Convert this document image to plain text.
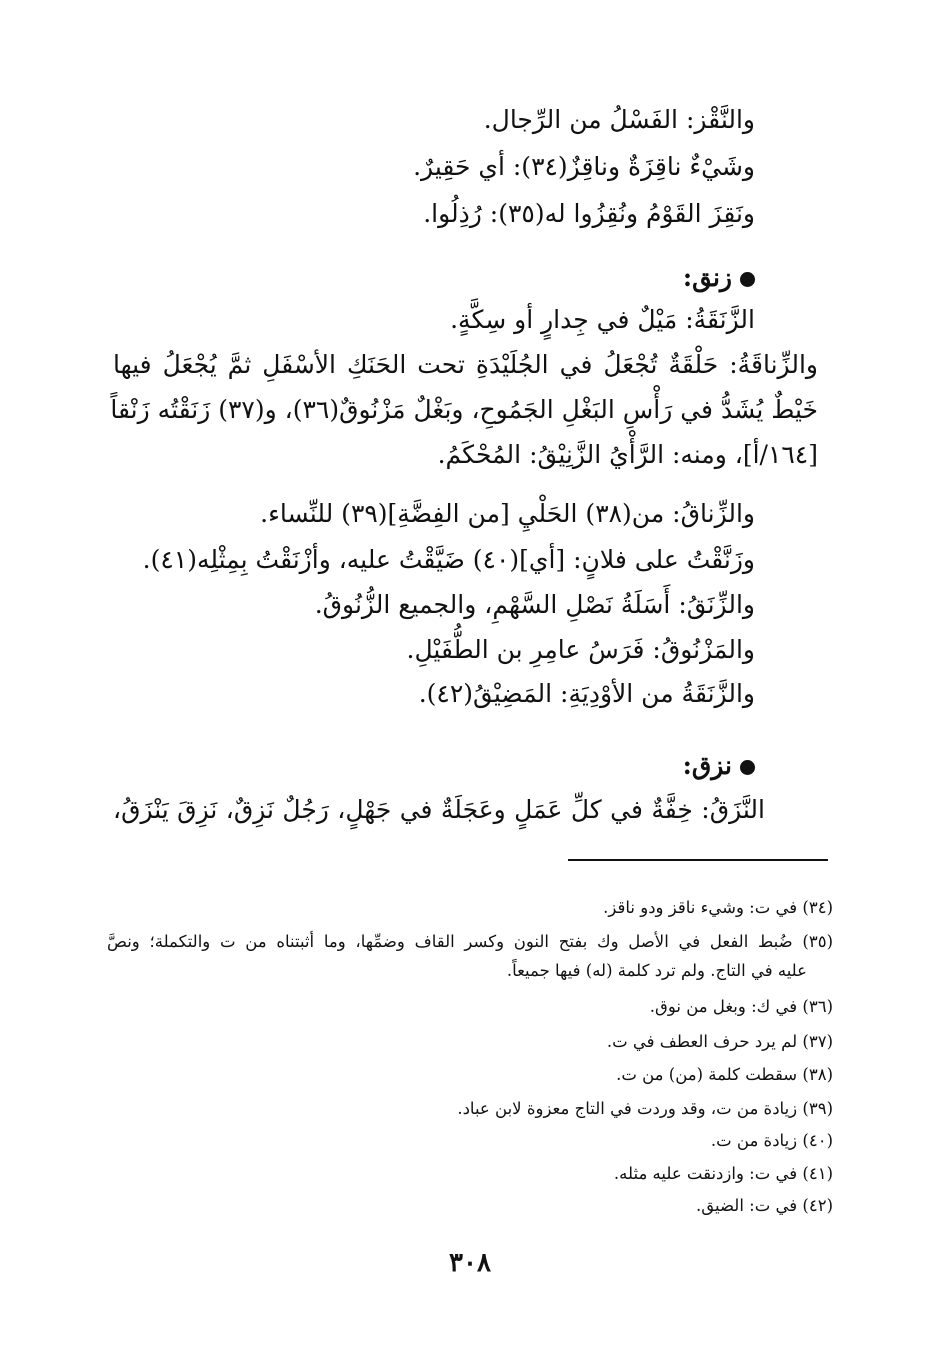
والنَّقْز: الفَسْلُ من الرِّجال.
وشَيْءٌ ناقِزَةٌ وناقِزٌ(٣٤): أي حَقِيرٌ.
ونَقِزَ القَوْمُ ونُقِزُوا له(٣٥): رُذِلُوا.
زنق:
الزَّنَقَةُ: مَيْلٌ في جِدارٍ أو سِكَّةٍ.
والزِّناقَةُ: حَلْقَةٌ تُجْعَلُ في الجُلَيْدَةِ تحت الحَنَكِ الأسْفَلِ ثمَّ يُجْعَلُ فيها
خَيْطٌ يُشَدُّ في رَأْسِ البَغْلِ الجَمُوحِ، وبَغْلٌ مَزْنُوقٌ(٣٦)، و(٣٧) زَنَقْتُه زَنْقاً
[١٦٤/أ]، ومنه: الرَّأْيُ الزَّنِيْقُ: المُحْكَمُ.
والزِّناقُ: من(٣٨) الحَلْيِ [من الفِضَّةِ](٣٩) للنِّساء.
وزَنَّقْتُ على فلانٍ: [أي](٤٠) ضَيَّقْتُ عليه، وأزْنَقْتُ بِمِثْلِه(٤١).
والزِّنَقُ: أَسَلَةُ نَصْلِ السَّهْمِ، والجميع الزُّنُوقُ.
والمَزْنُوقُ: فَرَسُ عامِرِ بن الطُّفَيْلِ.
والزَّنَقَةُ من الأوْدِيَةِ: المَضِيْقُ(٤٢).
نزق:
النَّزَقُ: خِفَّةٌ في كلِّ عَمَلٍ وعَجَلَةٌ في جَهْلٍ، رَجُلٌ نَزِقٌ، نَزِقَ يَنْزَقُ،
(٣٤) في ت: وشيء ناقز ودو ناقز.
(٣٥) ضُبط الفعل في الأصل وك بفتح النون وكسر القاف وضمِّها، وما أثبتناه من ت والتكملة؛ ونصَّ
عليه في التاج. ولم ترد كلمة (له) فيها جميعاً.
(٣٦) في ك: وبغل من نوق.
(٣٧) لم يرد حرف العطف في ت.
(٣٨) سقطت كلمة (من) من ت.
(٣٩) زيادة من ت، وقد وردت في التاج معزوة لابن عباد.
(٤٠) زيادة من ت.
(٤١) في ت: وازدنقت عليه مثله.
(٤٢) في ت: الضيق.
٣٠٨
